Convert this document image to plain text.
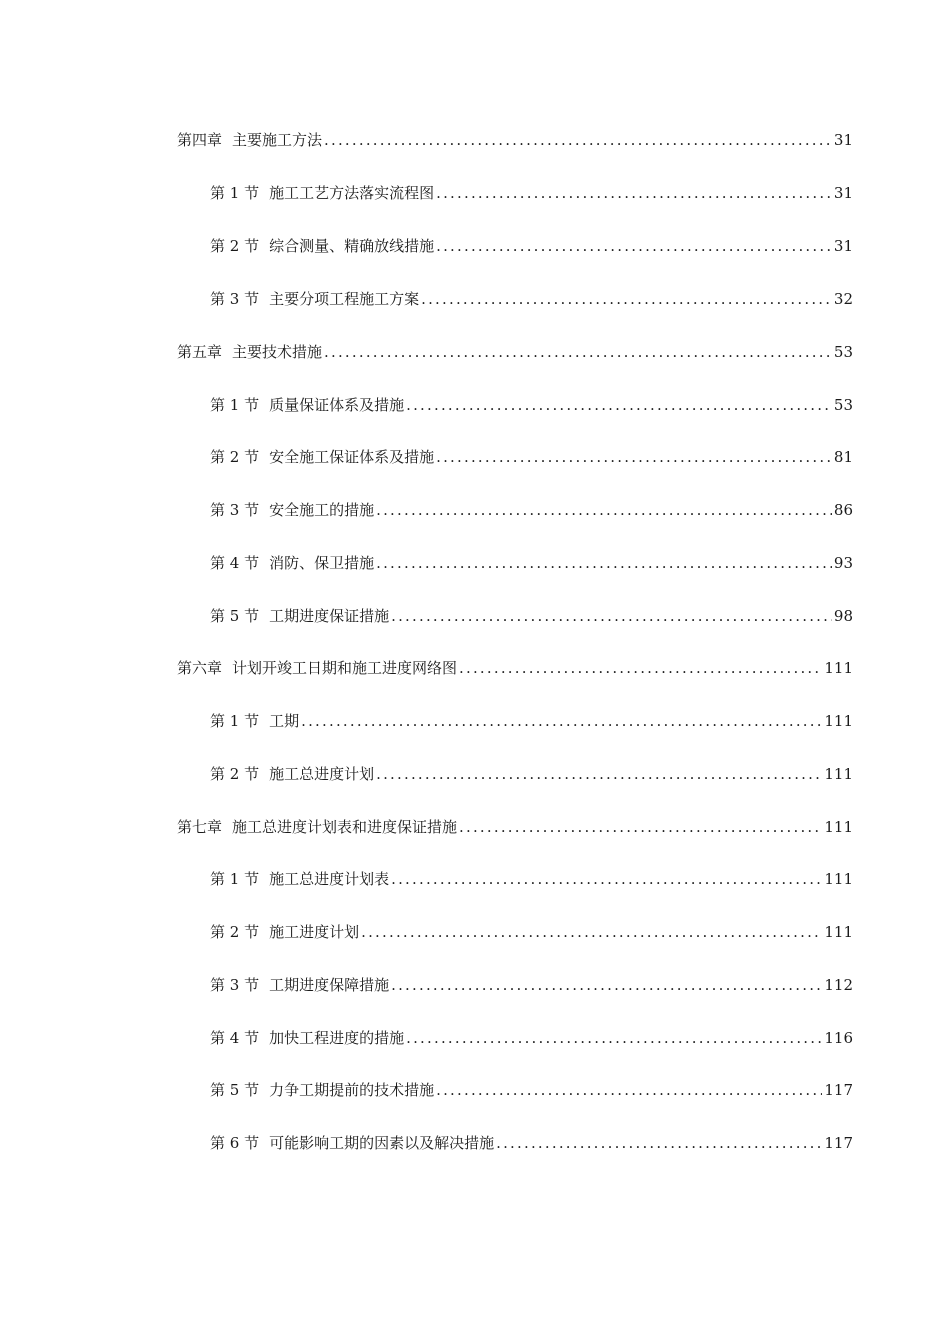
第四章 主要施工方法 .....	31
第 1 节 施工工艺方法落实流程图 .....	31
第 2 节 综合测量、精确放线措施 .....	31
第 3 节 主要分项工程施工方案 .....	32
第五章 主要技术措施 .....	53
第 1 节 质量保证体系及措施 .....	53
第 2 节 安全施工保证体系及措施 .....	81
第 3 节 安全施工的措施 .....	86
第 4 节 消防、保卫措施 .....	93
第 5 节 工期进度保证措施 .....	98
第六章 计划开竣工日期和施工进度网络图 .....	111
第 1 节 工期 .....	111
第 2 节 施工总进度计划 .....	111
第七章 施工总进度计划表和进度保证措施 .....	111
第 1 节 施工总进度计划表 .....	111
第 2 节 施工进度计划 .....	111
第 3 节 工期进度保障措施 .....	112
第 4 节 加快工程进度的措施 .....	116
第 5 节 力争工期提前的技术措施 .....	117
第 6 节 可能影响工期的因素以及解决措施 .....	117
